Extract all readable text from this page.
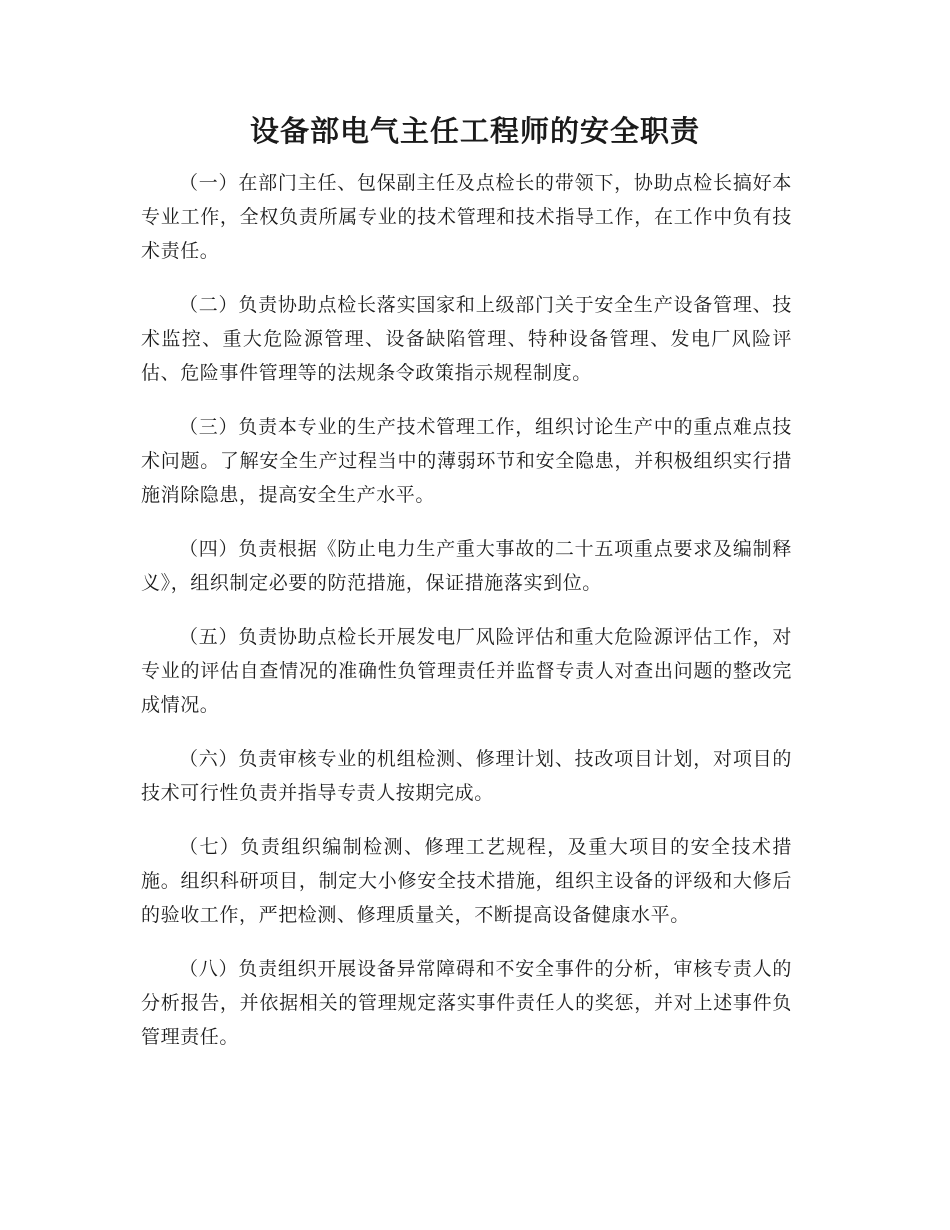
设备部电气主任工程师的安全职责

（一）在部门主任、包保副主任及点检长的带领下，协助点检长搞好本专业工作，全权负责所属专业的技术管理和技术指导工作，在工作中负有技术责任。

（二）负责协助点检长落实国家和上级部门关于安全生产设备管理、技术监控、重大危险源管理、设备缺陷管理、特种设备管理、发电厂风险评估、危险事件管理等的法规条令政策指示规程制度。

（三）负责本专业的生产技术管理工作，组织讨论生产中的重点难点技术问题。了解安全生产过程当中的薄弱环节和安全隐患，并积极组织实行措施消除隐患，提高安全生产水平。

（四）负责根据《防止电力生产重大事故的二十五项重点要求及编制释义》，组织制定必要的防范措施，保证措施落实到位。

（五）负责协助点检长开展发电厂风险评估和重大危险源评估工作，对专业的评估自查情况的准确性负管理责任并监督专责人对查出问题的整改完成情况。

（六）负责审核专业的机组检测、修理计划、技改项目计划，对项目的技术可行性负责并指导专责人按期完成。

（七）负责组织编制检测、修理工艺规程，及重大项目的安全技术措施。组织科研项目，制定大小修安全技术措施，组织主设备的评级和大修后的验收工作，严把检测、修理质量关，不断提高设备健康水平。

（八）负责组织开展设备异常障碍和不安全事件的分析，审核专责人的分析报告，并依据相关的管理规定落实事件责任人的奖惩，并对上述事件负管理责任。
